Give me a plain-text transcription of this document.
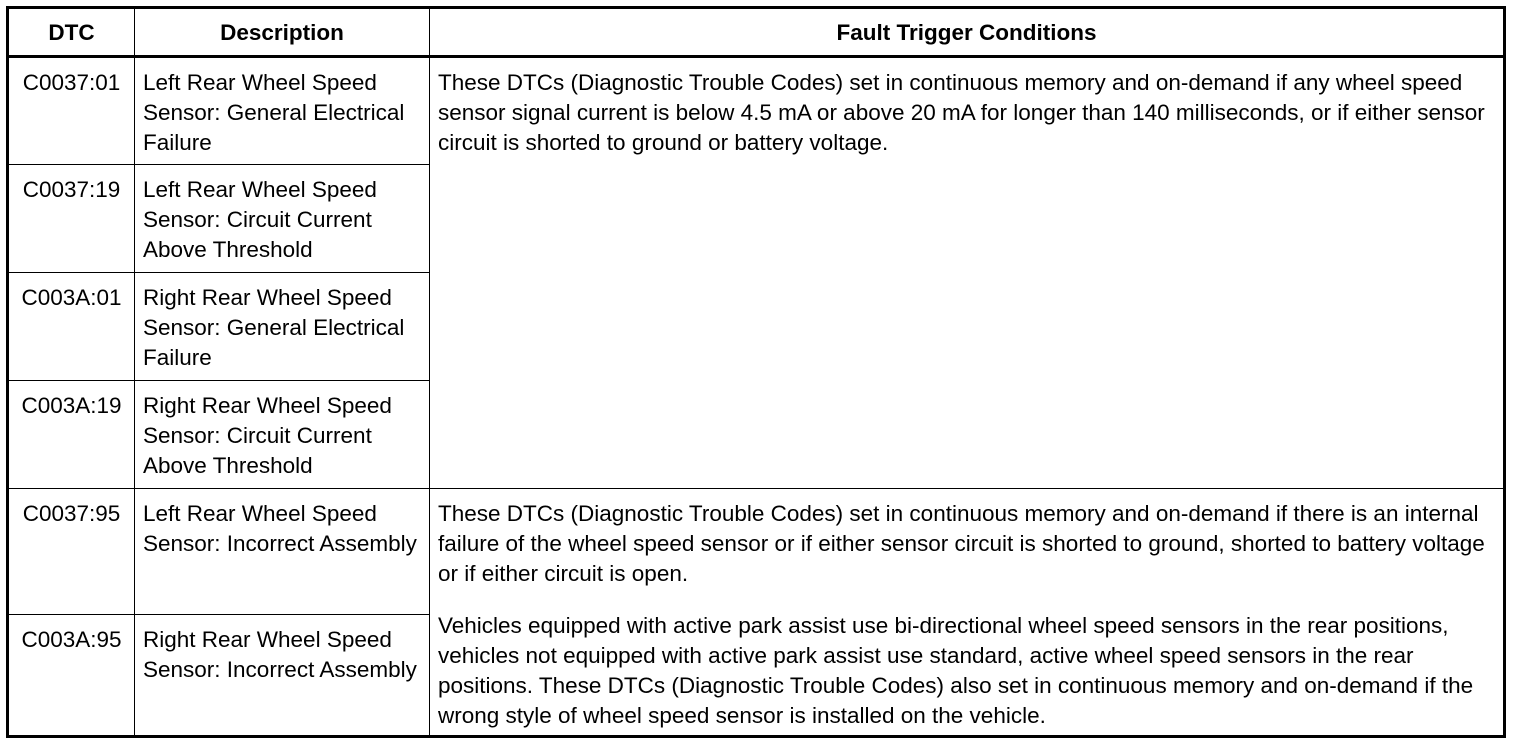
DTC	Description	Fault Trigger Conditions
C0037:01	Left Rear Wheel Speed Sensor: General Electrical Failure	These DTCs (Diagnostic Trouble Codes) set in continuous memory and on-demand if any wheel speed sensor signal current is below 4.5 mA or above 20 mA for longer than 140 milliseconds, or if either sensor circuit is shorted to ground or battery voltage.

C0037:19	Left Rear Wheel Speed Sensor: Circuit Current Above Threshold	
C003A:01	Right Rear Wheel Speed Sensor: General Electrical Failure	
C003A:19	Right Rear Wheel Speed Sensor: Circuit Current Above Threshold	
C0037:95	Left Rear Wheel Speed Sensor: Incorrect Assembly	These DTCs (Diagnostic Trouble Codes) set in continuous memory and on-demand if there is an internal failure of the wheel speed sensor or if either sensor circuit is shorted to ground, shorted to battery voltage or if either circuit is open.

Vehicles equipped with active park assist use bi-directional wheel speed sensors in the rear positions, vehicles not equipped with active park assist use standard, active wheel speed sensors in the rear positions. These DTCs (Diagnostic Trouble Codes) also set in continuous memory and on-demand if the wrong style of wheel speed sensor is installed on the vehicle.

C003A:95	Right Rear Wheel Speed Sensor: Incorrect Assembly	
